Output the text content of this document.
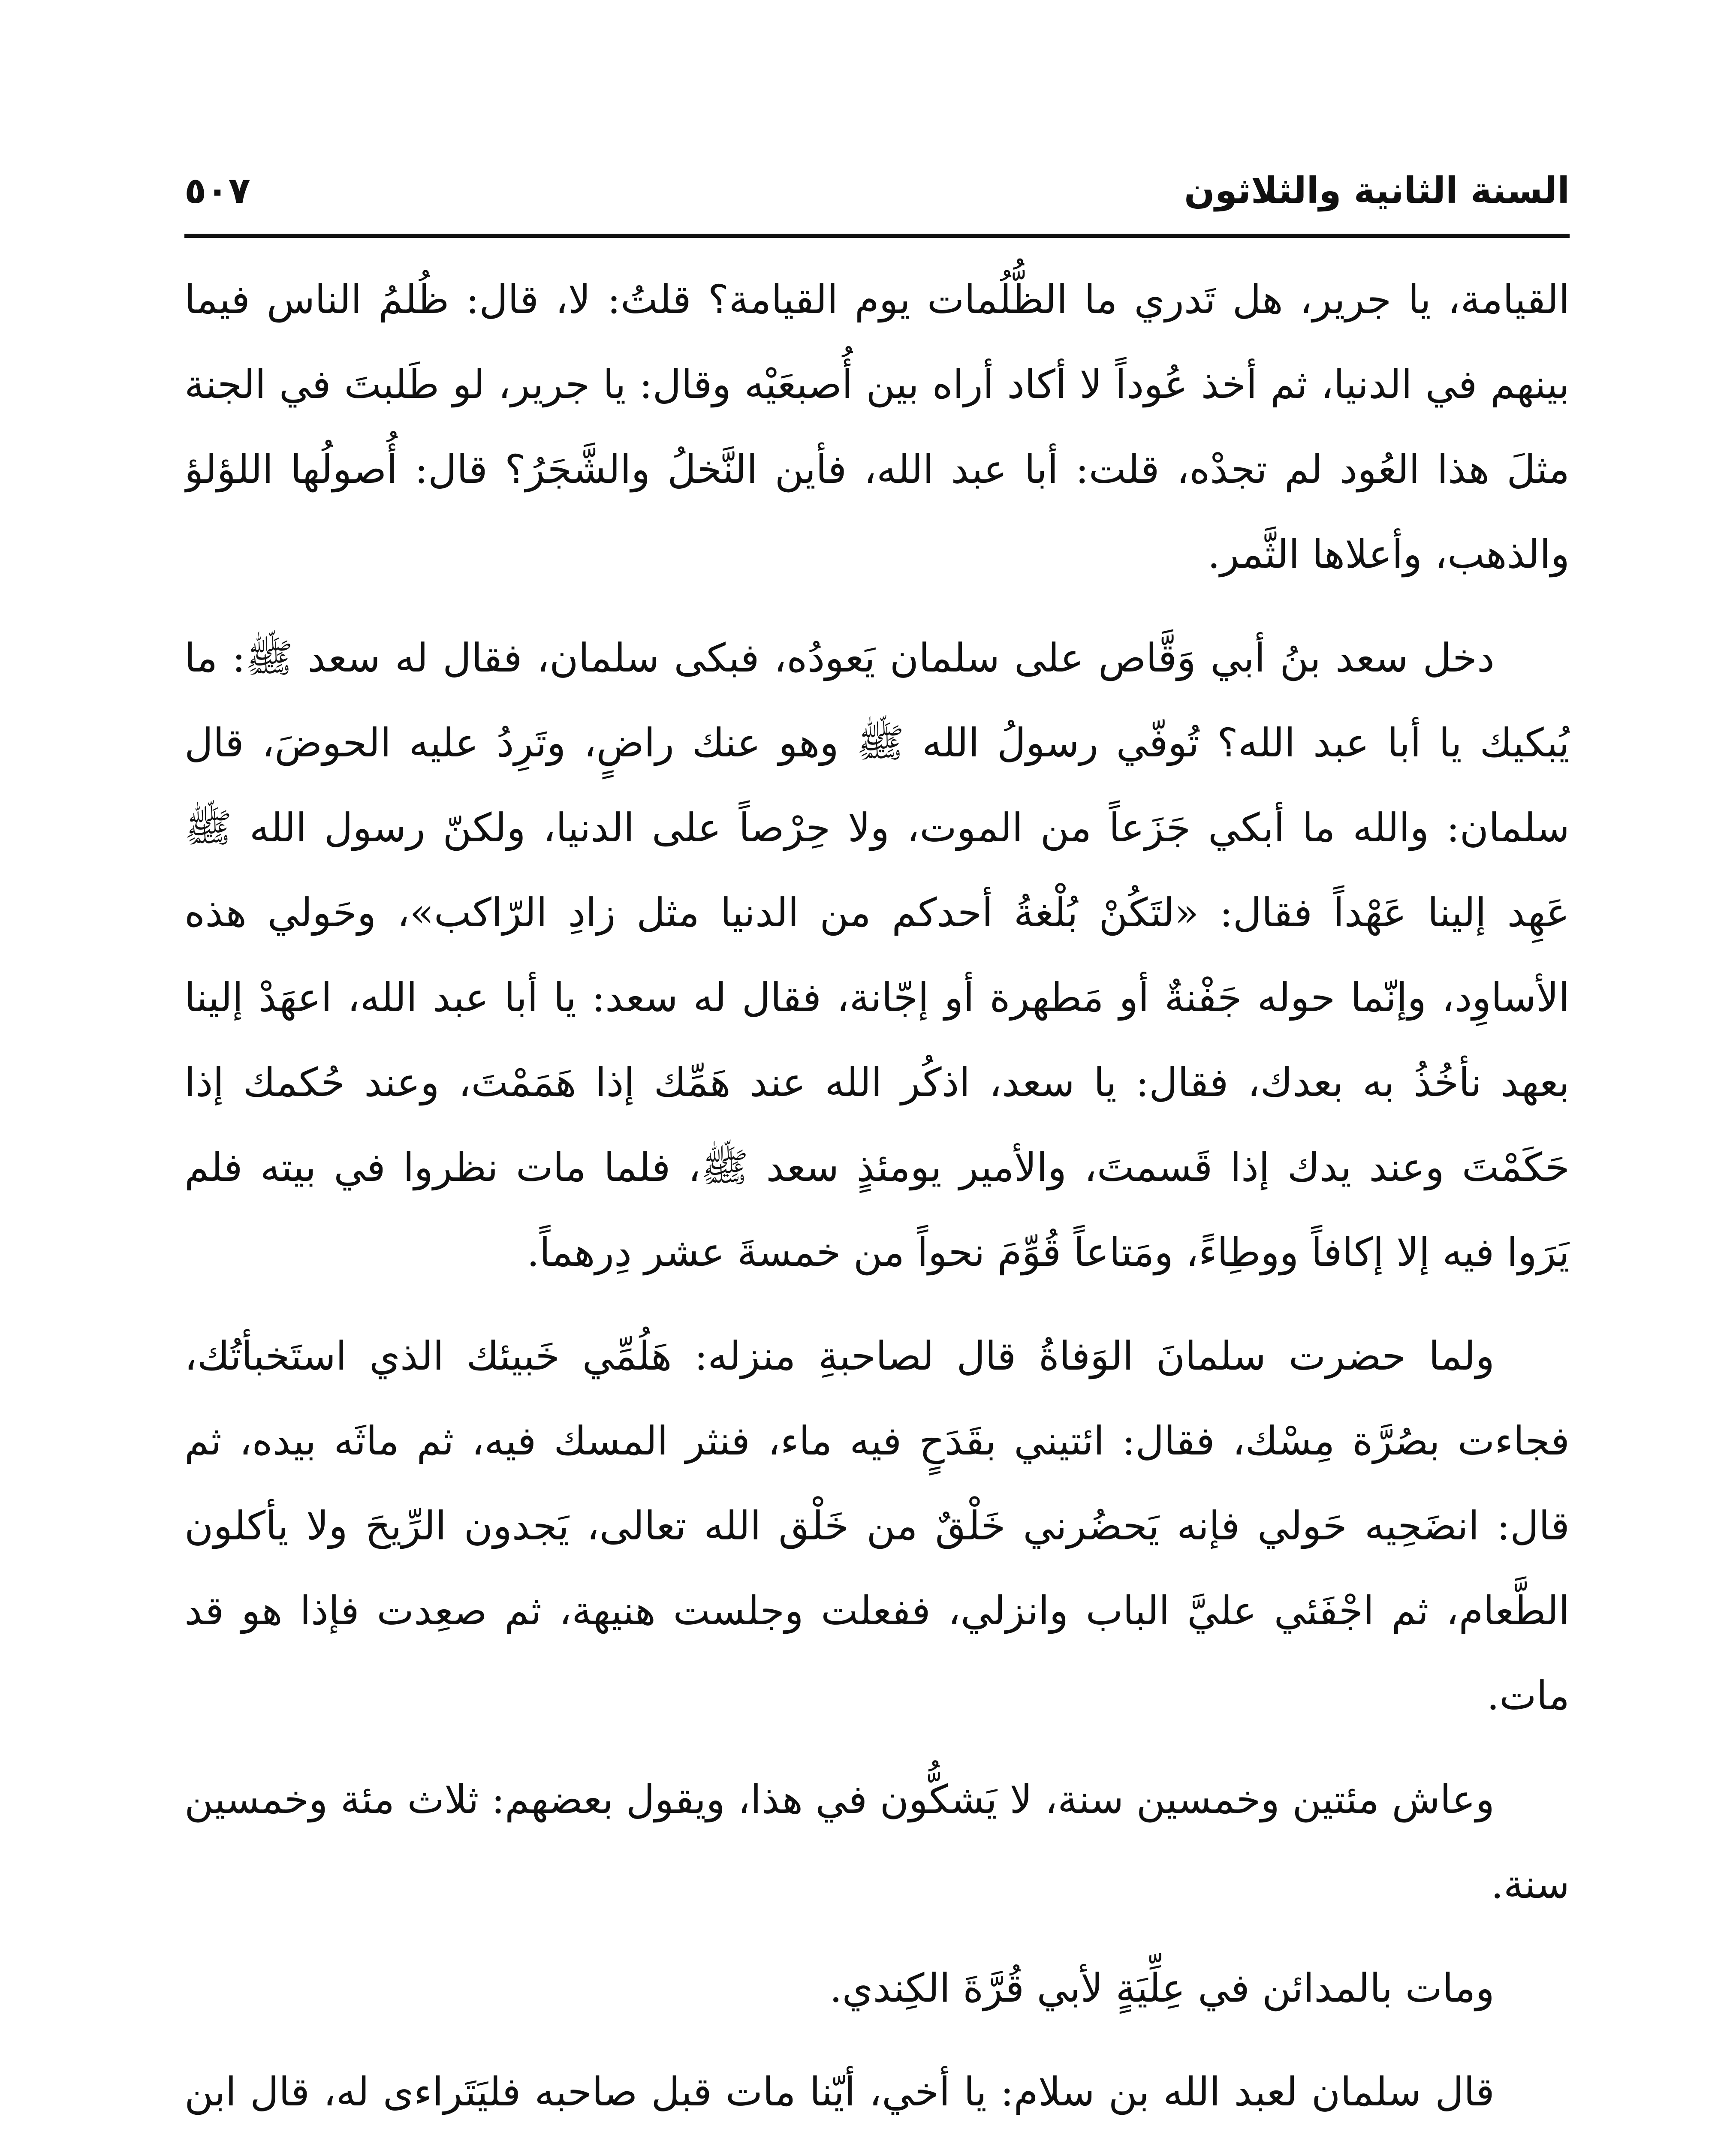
السنة الثانية والثلاثون
٥٠٧

القيامة، يا جرير، هل تَدري ما الظُّلُمات يوم القيامة؟ قلتُ: لا، قال: ظُلمُ الناس فيما بينهم في الدنيا، ثم أخذ عُوداً لا أكاد أراه بين أُصبعَيْه وقال: يا جرير، لو طَلبتَ في الجنة مثلَ هذا العُود لم تجدْه، قلت: أبا عبد الله، فأين النَّخلُ والشَّجَرُ؟ قال: أُصولُها اللؤلؤ والذهب، وأعلاها الثَّمر.

دخل سعد بنُ أبي وَقَّاص على سلمان يَعودُه، فبكى سلمان، فقال له سعد ﷺ: ما يُبكيك يا أبا عبد الله؟ تُوفّي رسولُ الله ﷺ وهو عنك راضٍ، وتَرِدُ عليه الحوضَ، قال سلمان: والله ما أبكي جَزَعاً من الموت، ولا حِرْصاً على الدنيا، ولكنّ رسول الله ﷺ عَهِد إلينا عَهْداً فقال: «لتَكُنْ بُلْغةُ أحدكم من الدنيا مثل زادِ الرّاكب»، وحَولي هذه الأساوِد، وإنّما حوله جَفْنةٌ أو مَطهرة أو إجّانة، فقال له سعد: يا أبا عبد الله، اعهَدْ إلينا بعهد نأخُذُ به بعدك، فقال: يا سعد، اذكُر الله عند هَمِّك إذا هَمَمْتَ، وعند حُكمك إذا حَكَمْتَ وعند يدك إذا قَسمتَ، والأمير يومئذٍ سعد ﷺ، فلما مات نظروا في بيته فلم يَرَوا فيه إلا إكافاً ووطِاءً، ومَتاعاً قُوِّمَ نحواً من خمسةَ عشر دِرهماً.

ولما حضرت سلمانَ الوَفاةُ قال لصاحبةِ منزله: هَلُمِّي خَبيئك الذي استَخبأتُك، فجاءت بصُرَّة مِسْك، فقال: ائتيني بقَدَحٍ فيه ماء، فنثر المسك فيه، ثم ماثَه بيده، ثم قال: انضَحِيه حَولي فإنه يَحضُرني خَلْقٌ من خَلْق الله تعالى، يَجدون الرِّيحَ ولا يأكلون الطَّعام، ثم اجْفَئي عليَّ الباب وانزلي، ففعلت وجلست هنيهة، ثم صعِدت فإذا هو قد مات.

وعاش مئتين وخمسين سنة، لا يَشكُّون في هذا، ويقول بعضهم: ثلاث مئة وخمسين سنة.

ومات بالمدائن في عِلِّيَةٍ لأبي قُرَّةَ الكِندي.

قال سلمان لعبد الله بن سلام: يا أخي، أيّنا مات قبل صاحبه فليَتَراءى له، قال ابن
